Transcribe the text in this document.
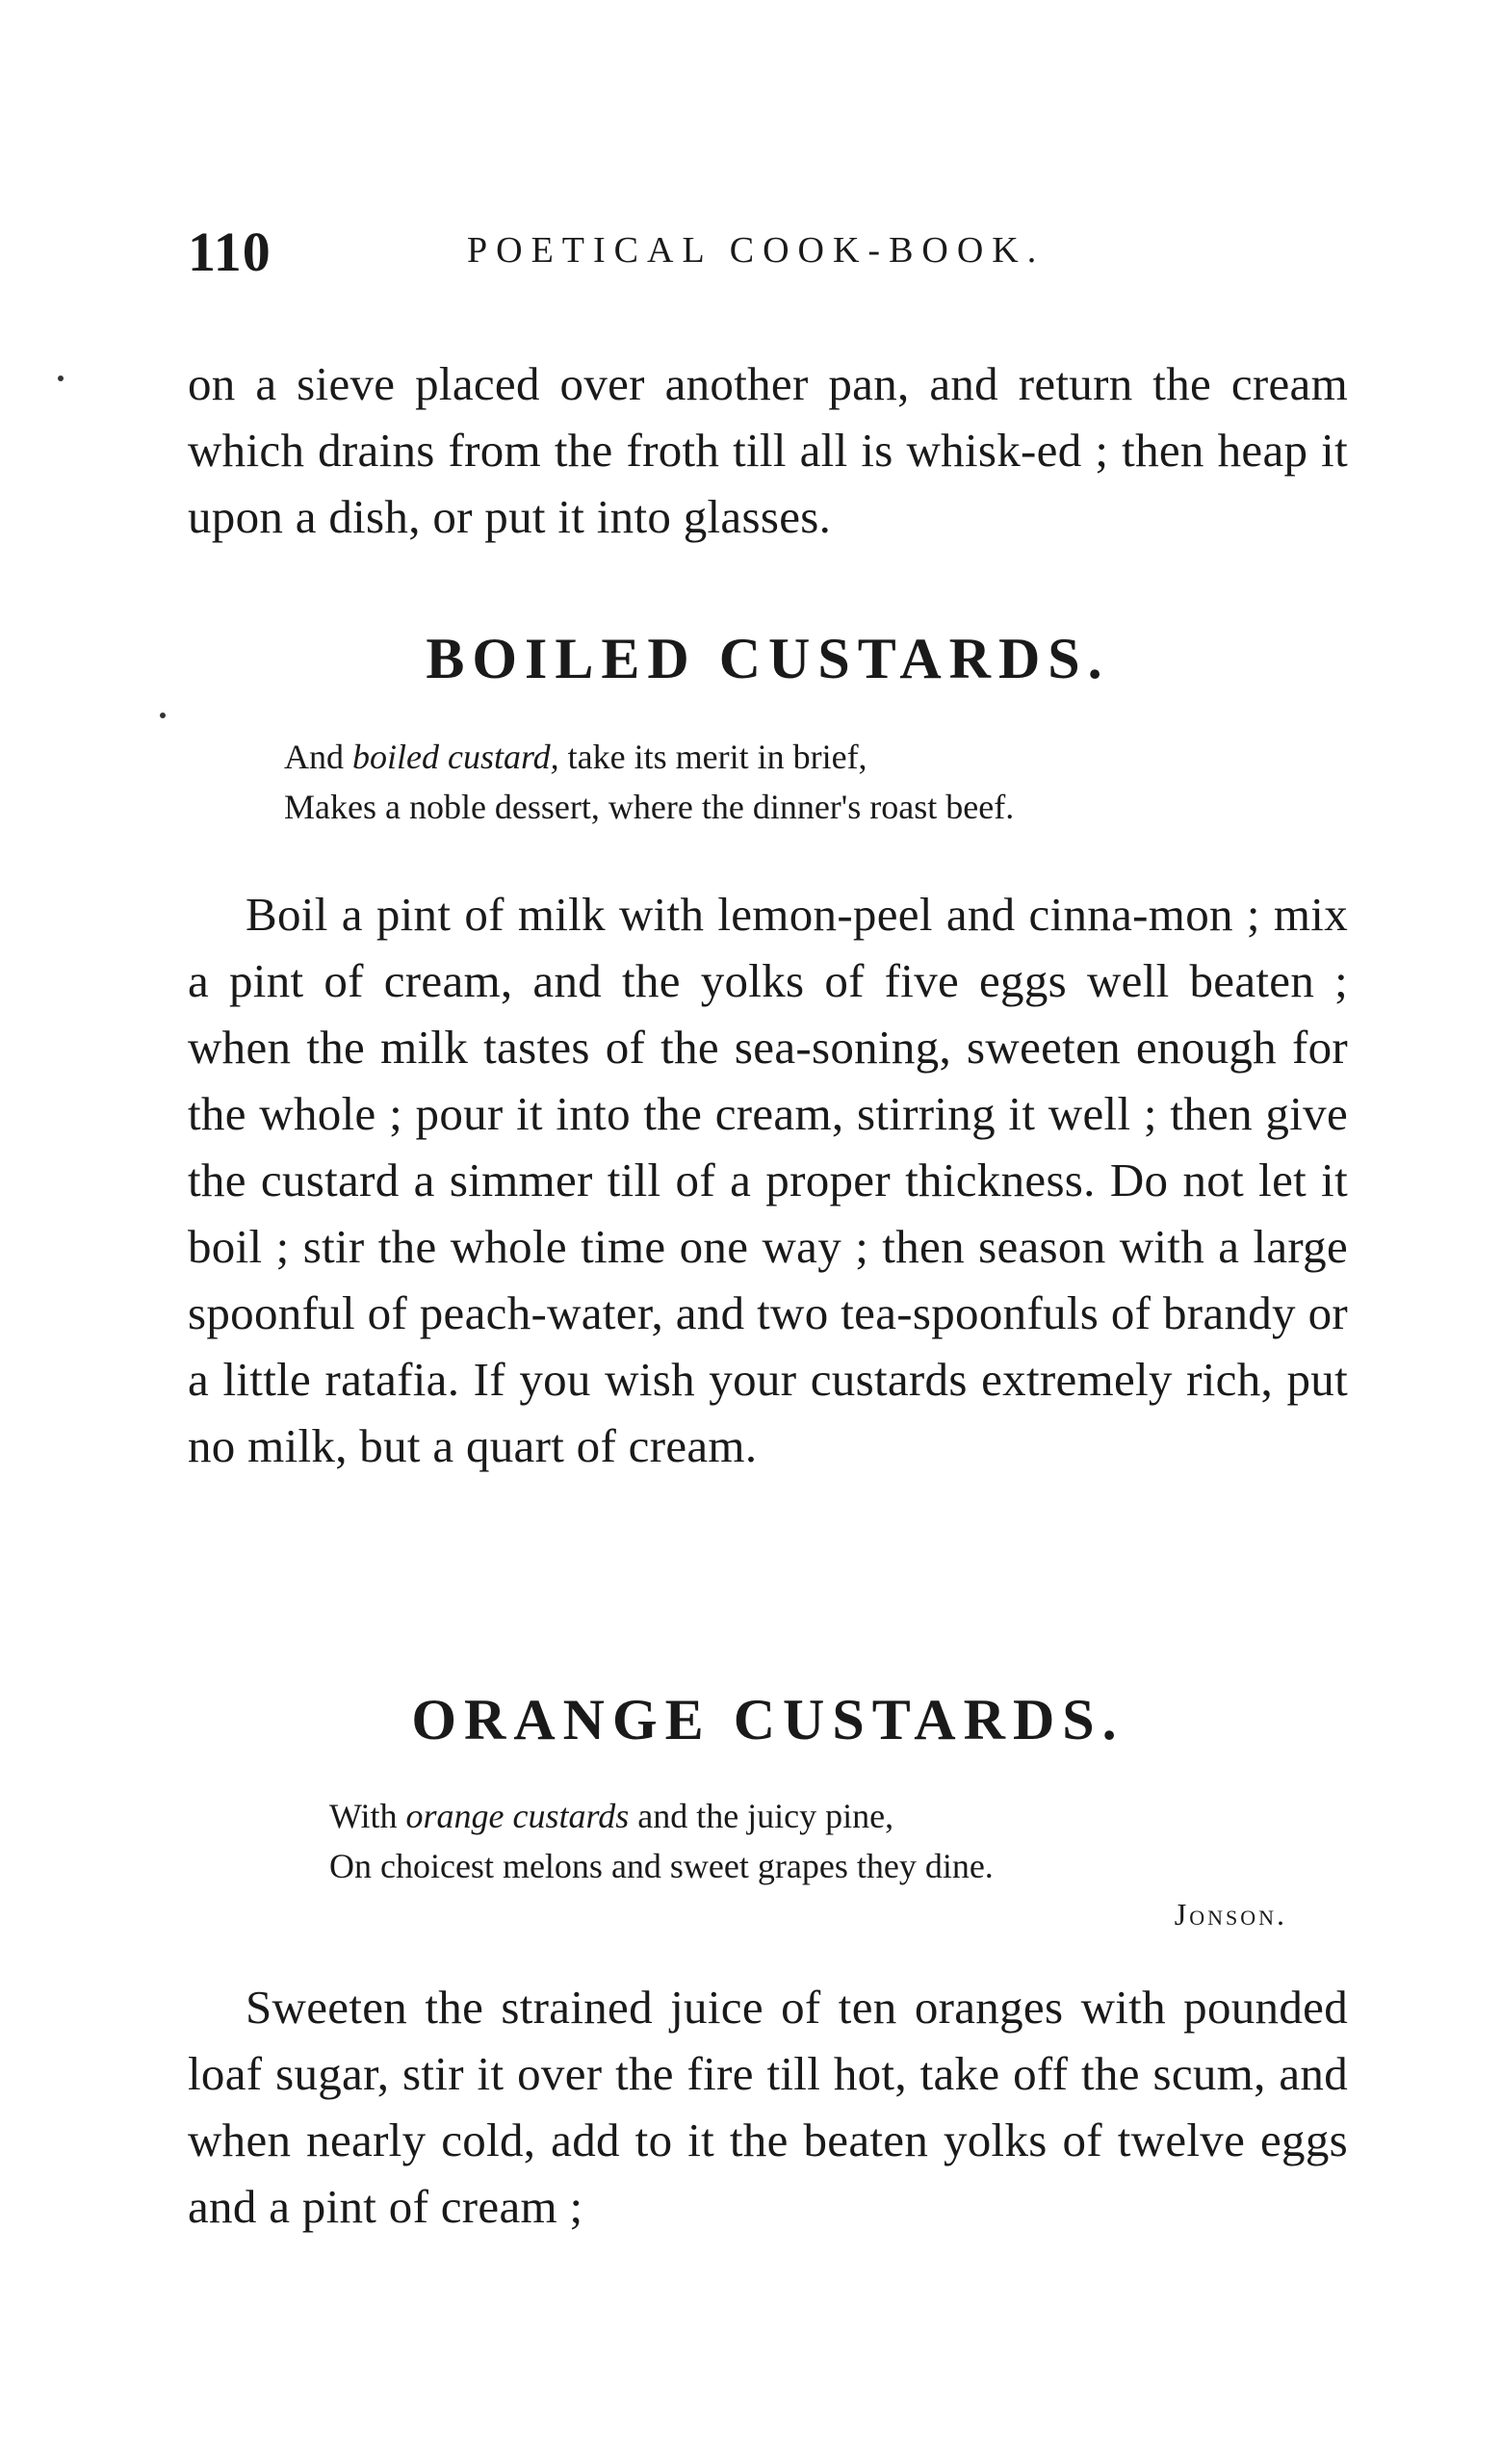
110	POETICAL COOK-BOOK.

on a sieve placed over another pan, and return the cream which drains from the froth till all is whisk-ed ; then heap it upon a dish, or put it into glasses.

BOILED CUSTARDS.
And boiled custard, take its merit in brief,
Makes a noble dessert, where the dinner's roast beef.

Boil a pint of milk with lemon-peel and cinna-mon ; mix a pint of cream, and the yolks of five eggs well beaten ; when the milk tastes of the sea-soning, sweeten enough for the whole ; pour it into the cream, stirring it well ; then give the custard a simmer till of a proper thickness. Do not let it boil ; stir the whole time one way ; then season with a large spoonful of peach-water, and two tea-spoonfuls of brandy or a little ratafia. If you wish your custards extremely rich, put no milk, but a quart of cream.

ORANGE CUSTARDS.
With orange custards and the juicy pine,
On choicest melons and sweet grapes they dine.
Jonson.

Sweeten the strained juice of ten oranges with pounded loaf sugar, stir it over the fire till hot, take off the scum, and when nearly cold, add to it the beaten yolks of twelve eggs and a pint of cream ;
